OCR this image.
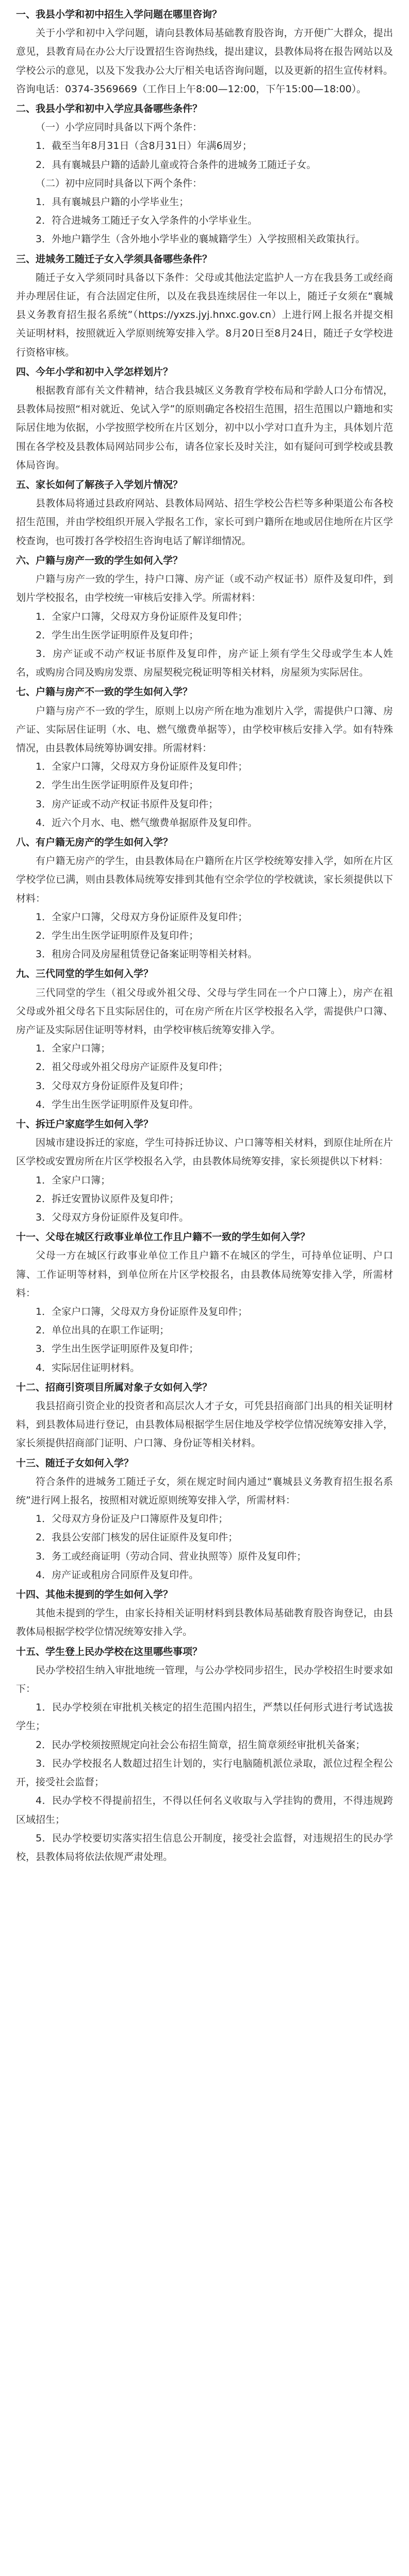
一、我县小学和初中招生入学问题在哪里咨询？
关于小学和初中入学问题，请向县教体局基础教育股咨询，方开便广大群众，提出意见，县教育局在办公大厅设置招生咨询热线，提出建议，县教体局将在报告网站以及学校公示的意见，以及下发我办公大厅相关电话咨询问题，以及更新的招生宣传材料。咨询电话：0374-3569669（工作日上午8:00—12:00，下午15:00—18:00）。
二、我县小学和初中入学应具备哪些条件？
（一）小学应同时具备以下两个条件：
1．截至当年8月31日（含8月31日）年满6周岁；
2．具有襄城县户籍的适龄儿童或符合条件的进城务工随迁子女。
（二）初中应同时具备以下两个条件：
1．具有襄城县户籍的小学毕业生；
2．符合进城务工随迁子女入学条件的小学毕业生。
3．外地户籍学生（含外地小学毕业的襄城籍学生）入学按照相关政策执行。
三、进城务工随迁子女入学须具备哪些条件？
随迁子女入学须同时具备以下条件：父母或其他法定监护人一方在我县务工或经商并办理居住证，有合法固定住所，以及在我县连续居住一年以上，随迁子女须在“襄城县义务教育招生报名系统”（https://yxzs.jyj.hnxc.gov.cn）上进行网上报名并提交相关证明材料，按照就近入学原则统筹安排入学。8月20日至8月24日，随迁子女学校进行资格审核。
四、今年小学和初中入学怎样划片？
根据教育部有关文件精神，结合我县城区义务教育学校布局和学龄人口分布情况，县教体局按照“相对就近、免试入学”的原则确定各校招生范围，招生范围以户籍地和实际居住地为依据，小学按照学校所在片区划分，初中以小学对口直升为主，具体划片范围在各学校及县教体局网站同步公布，请各位家长及时关注，如有疑问可到学校或县教体局咨询。
五、家长如何了解孩子入学划片情况？
县教体局将通过县政府网站、县教体局网站、招生学校公告栏等多种渠道公布各校招生范围，并由学校组织开展入学报名工作，家长可到户籍所在地或居住地所在片区学校查询，也可拨打各学校招生咨询电话了解详细情况。
六、户籍与房产一致的学生如何入学？
户籍与房产一致的学生，持户口簿、房产证（或不动产权证书）原件及复印件，到划片学校报名，由学校统一审核后安排入学。所需材料：
1．全家户口簿，父母双方身份证原件及复印件；
2．学生出生医学证明原件及复印件；
3．房产证或不动产权证书原件及复印件，房产证上须有学生父母或学生本人姓名，或购房合同及购房发票、房屋契税完税证明等相关材料，房屋须为实际居住。
七、户籍与房产不一致的学生如何入学？
户籍与房产不一致的学生，原则上以房产所在地为准划片入学，需提供户口簿、房产证、实际居住证明（水、电、燃气缴费单据等），由学校审核后安排入学。如有特殊情况，由县教体局统筹协调安排。所需材料：
1．全家户口簿，父母双方身份证原件及复印件；
2．学生出生医学证明原件及复印件；
3．房产证或不动产权证书原件及复印件；
4．近六个月水、电、燃气缴费单据原件及复印件。
八、有户籍无房产的学生如何入学？
有户籍无房产的学生，由县教体局在户籍所在片区学校统筹安排入学，如所在片区学校学位已满，则由县教体局统筹安排到其他有空余学位的学校就读，家长须提供以下材料：
1．全家户口簿，父母双方身份证原件及复印件；
2．学生出生医学证明原件及复印件；
3．租房合同及房屋租赁登记备案证明等相关材料。
九、三代同堂的学生如何入学？
三代同堂的学生（祖父母或外祖父母、父母与学生同在一个户口簿上），房产在祖父母或外祖父母名下且实际居住的，可在房产所在片区学校报名入学，需提供户口簿、房产证及实际居住证明等材料，由学校审核后统筹安排入学。
1．全家户口簿；
2．祖父母或外祖父母房产证原件及复印件；
3．父母双方身份证原件及复印件；
4．学生出生医学证明原件及复印件。
十、拆迁户家庭学生如何入学？
因城市建设拆迁的家庭，学生可持拆迁协议、户口簿等相关材料，到原住址所在片区学校或安置房所在片区学校报名入学，由县教体局统筹安排，家长须提供以下材料：
1．全家户口簿；
2．拆迁安置协议原件及复印件；
3．父母双方身份证原件及复印件。
十一、父母在城区行政事业单位工作且户籍不一致的学生如何入学？
父母一方在城区行政事业单位工作且户籍不在城区的学生，可持单位证明、户口簿、工作证明等材料，到单位所在片区学校报名，由县教体局统筹安排入学，所需材料：
1．全家户口簿，父母双方身份证原件及复印件；
2．单位出具的在职工作证明；
3．学生出生医学证明原件及复印件；
4．实际居住证明材料。
十二、招商引资项目所属对象子女如何入学？
我县招商引资企业的投资者和高层次人才子女，可凭县招商部门出具的相关证明材料，到县教体局进行登记，由县教体局根据学生居住地及学校学位情况统筹安排入学，家长须提供招商部门证明、户口簿、身份证等相关材料。
十三、随迁子女如何入学？
符合条件的进城务工随迁子女，须在规定时间内通过“襄城县义务教育招生报名系统”进行网上报名，按照相对就近原则统筹安排入学，所需材料：
1．父母双方身份证及户口簿原件及复印件；
2．我县公安部门核发的居住证原件及复印件；
3．务工或经商证明（劳动合同、营业执照等）原件及复印件；
4．房产证或租房合同原件及复印件。
十四、其他未提到的学生如何入学？
其他未提到的学生，由家长持相关证明材料到县教体局基础教育股咨询登记，由县教体局根据学校学位情况统筹安排入学。
十五、学生登上民办学校在这里哪些事项？
民办学校招生纳入审批地统一管理，与公办学校同步招生，民办学校招生时要求如下：
1．民办学校须在审批机关核定的招生范围内招生，严禁以任何形式进行考试选拔学生；
2．民办学校须按照规定向社会公布招生简章，招生简章须经审批机关备案；
3．民办学校报名人数超过招生计划的，实行电脑随机派位录取，派位过程全程公开，接受社会监督；
4．民办学校不得提前招生，不得以任何名义收取与入学挂钩的费用，不得违规跨区域招生；
5．民办学校要切实落实招生信息公开制度，接受社会监督，对违规招生的民办学校，县教体局将依法依规严肃处理。
